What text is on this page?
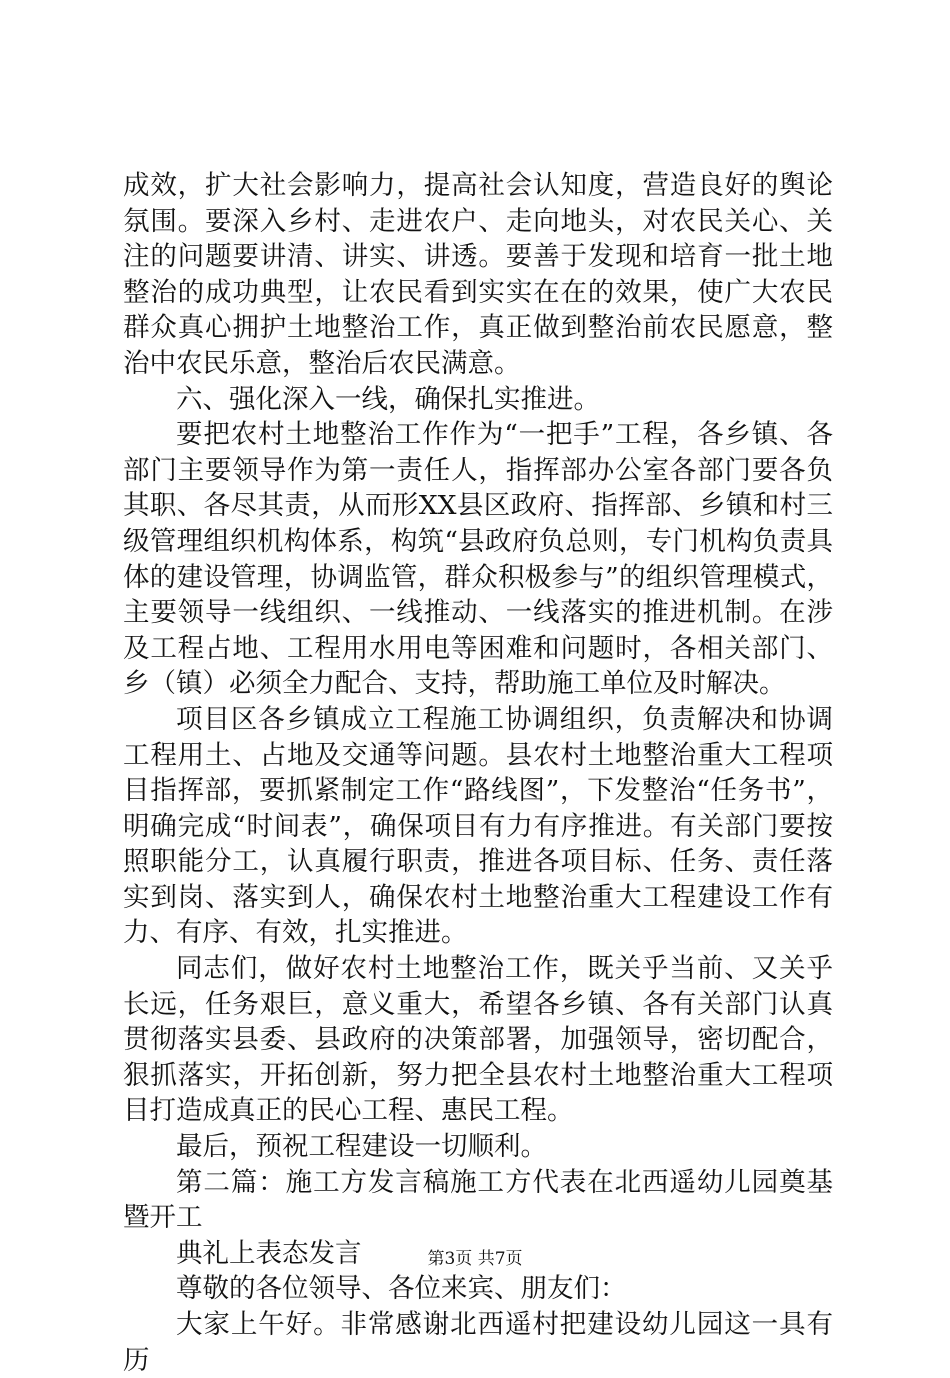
成效，扩大社会影响力，提高社会认知度，营造良好的舆论氛围。要深入乡村、走进农户、走向地头，对农民关心、关注的问题要讲清、讲实、讲透。要善于发现和培育一批土地整治的成功典型，让农民看到实实在在的效果，使广大农民群众真心拥护土地整治工作，真正做到整治前农民愿意，整治中农民乐意，整治后农民满意。

六、强化深入一线，确保扎实推进。

要把农村土地整治工作作为“一把手”工程，各乡镇、各部门主要领导作为第一责任人，指挥部办公室各部门要各负其职、各尽其责，从而形XX县区政府、指挥部、乡镇和村三级管理组织机构体系，构筑“县政府负总则，专门机构负责具体的建设管理，协调监管，群众积极参与”的组织管理模式，主要领导一线组织、一线推动、一线落实的推进机制。在涉及工程占地、工程用水用电等困难和问题时，各相关部门、乡（镇）必须全力配合、支持，帮助施工单位及时解决。

项目区各乡镇成立工程施工协调组织，负责解决和协调工程用土、占地及交通等问题。县农村土地整治重大工程项目指挥部，要抓紧制定工作“路线图”，下发整治“任务书”，明确完成“时间表”，确保项目有力有序推进。有关部门要按照职能分工，认真履行职责，推进各项目标、任务、责任落实到岗、落实到人，确保农村土地整治重大工程建设工作有力、有序、有效，扎实推进。

同志们，做好农村土地整治工作，既关乎当前、又关乎长远，任务艰巨，意义重大，希望各乡镇、各有关部门认真贯彻落实县委、县政府的决策部署，加强领导，密切配合，狠抓落实，开拓创新，努力把全县农村土地整治重大工程项目打造成真正的民心工程、惠民工程。

最后，预祝工程建设一切顺利。

第二篇：施工方发言稿施工方代表在北西遥幼儿园奠基暨开工

典礼上表态发言

尊敬的各位领导、各位来宾、朋友们：

大家上午好。非常感谢北西遥村把建设幼儿园这一具有历

第3页 共7页
